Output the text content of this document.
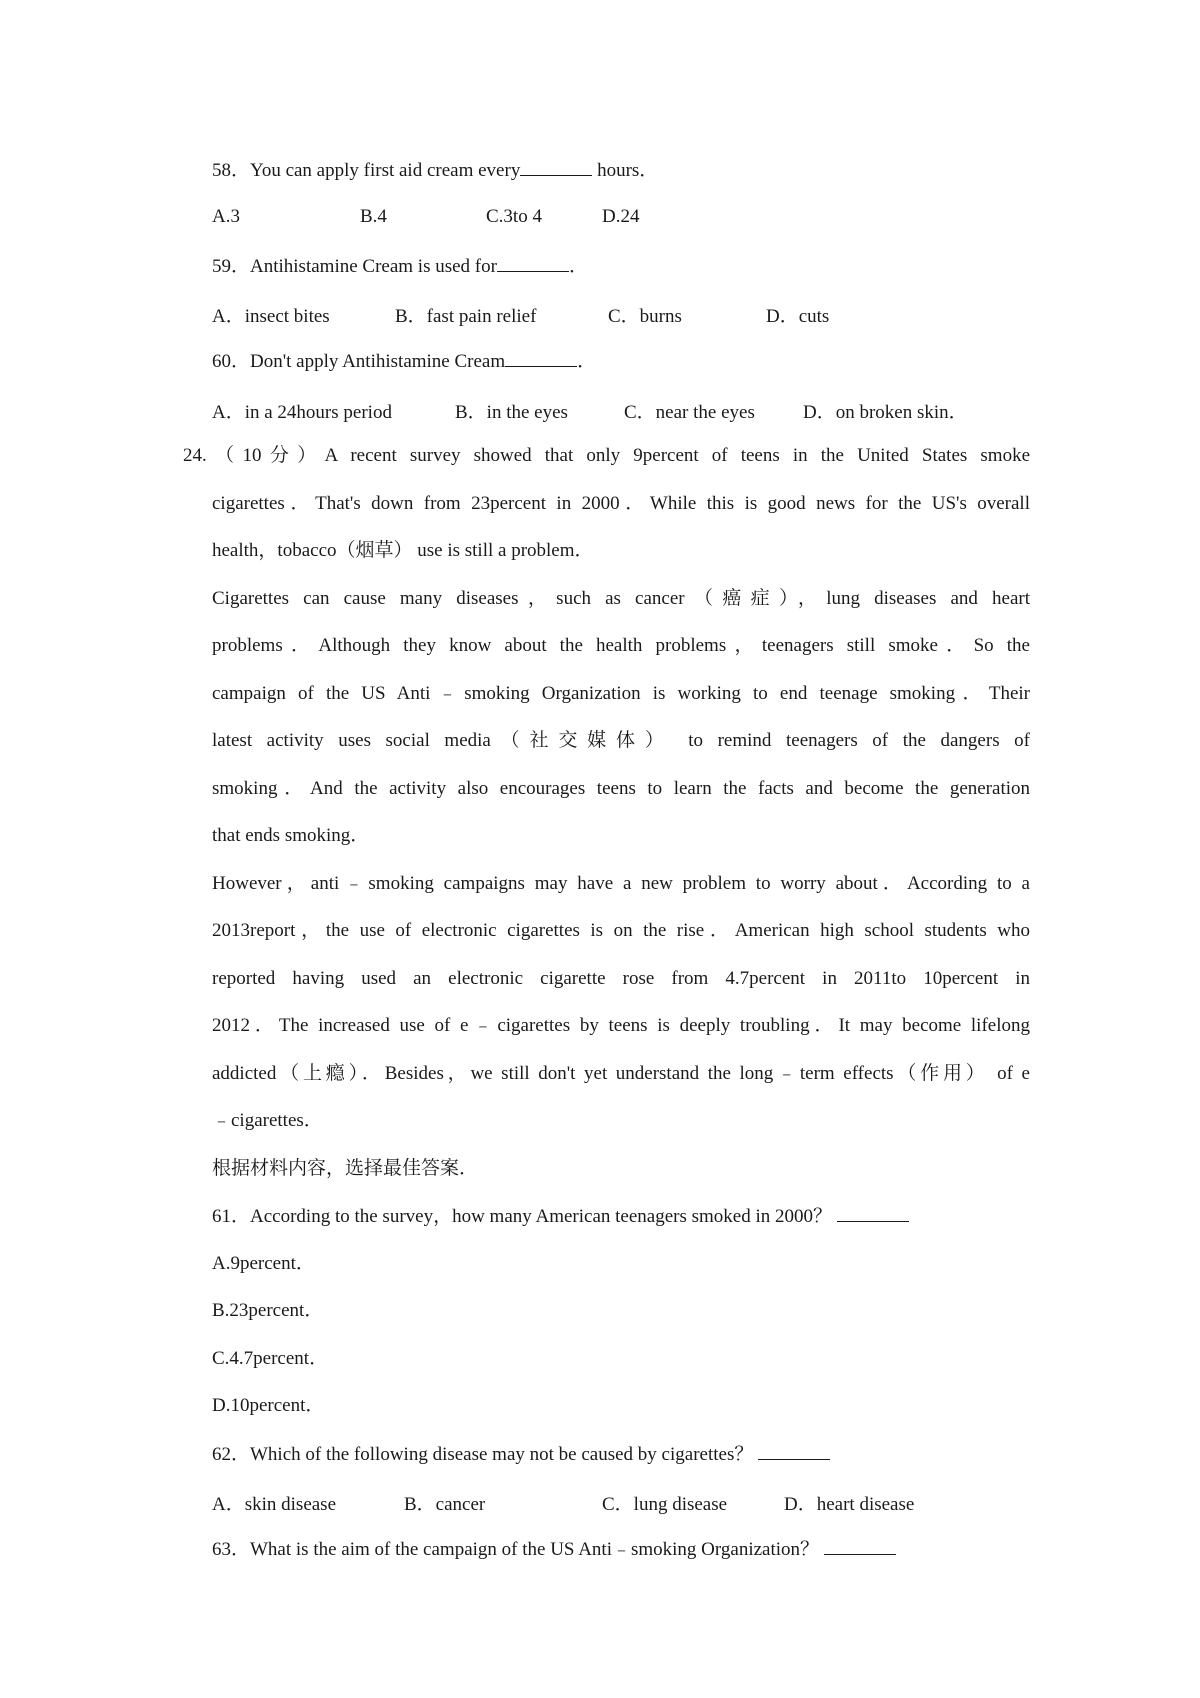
58．You can apply first aid cream every	hours．
A.3	B.4	C.3to 4	D.24
59．Antihistamine Cream is used for	．
A．insect bites	B．fast pain relief	C．burns	D．cuts
60．Don't apply Antihistamine Cream	．
A．in a 24hours period	B．in the eyes	C．near the eyes	D．on broken skin．
24.（10分）A recent survey showed that only 9percent of teens in the United States smoke
cigarettes．That's down from 23percent in 2000．While this is good news for the US's overall
health，tobacco（烟草） use is still a problem．
Cigarettes can cause many diseases，such as cancer（癌症），lung diseases and heart
problems．Although they know about the health problems，teenagers still smoke．So the
campaign of the US Anti﹣smoking Organization is working to end teenage smoking．Their
latest activity uses social media（社交媒体） to remind teenagers of the dangers of
smoking．And the activity also encourages teens to learn the facts and become the generation
that ends smoking．
However，anti﹣smoking campaigns may have a new problem to worry about．According to a
2013report，the use of electronic cigarettes is on the rise．American high school students who
reported having used an electronic cigarette rose from 4.7percent in 2011to 10percent in
2012．The increased use of e﹣cigarettes by teens is deeply troubling．It may become lifelong
addicted（上瘾）．Besides，we still don't yet understand the long﹣term effects（作用） of e
﹣cigarettes．
根据材料内容，选择最佳答案．
61．According to the survey，how many American teenagers smoked in 2000？
A.9percent．
B.23percent．
C.4.7percent．
D.10percent．
62．Which of the following disease may not be caused by cigarettes？
A．skin disease	B．cancer	C．lung disease	D．heart disease
63．What is the aim of the campaign of the US Anti﹣smoking Organization？
